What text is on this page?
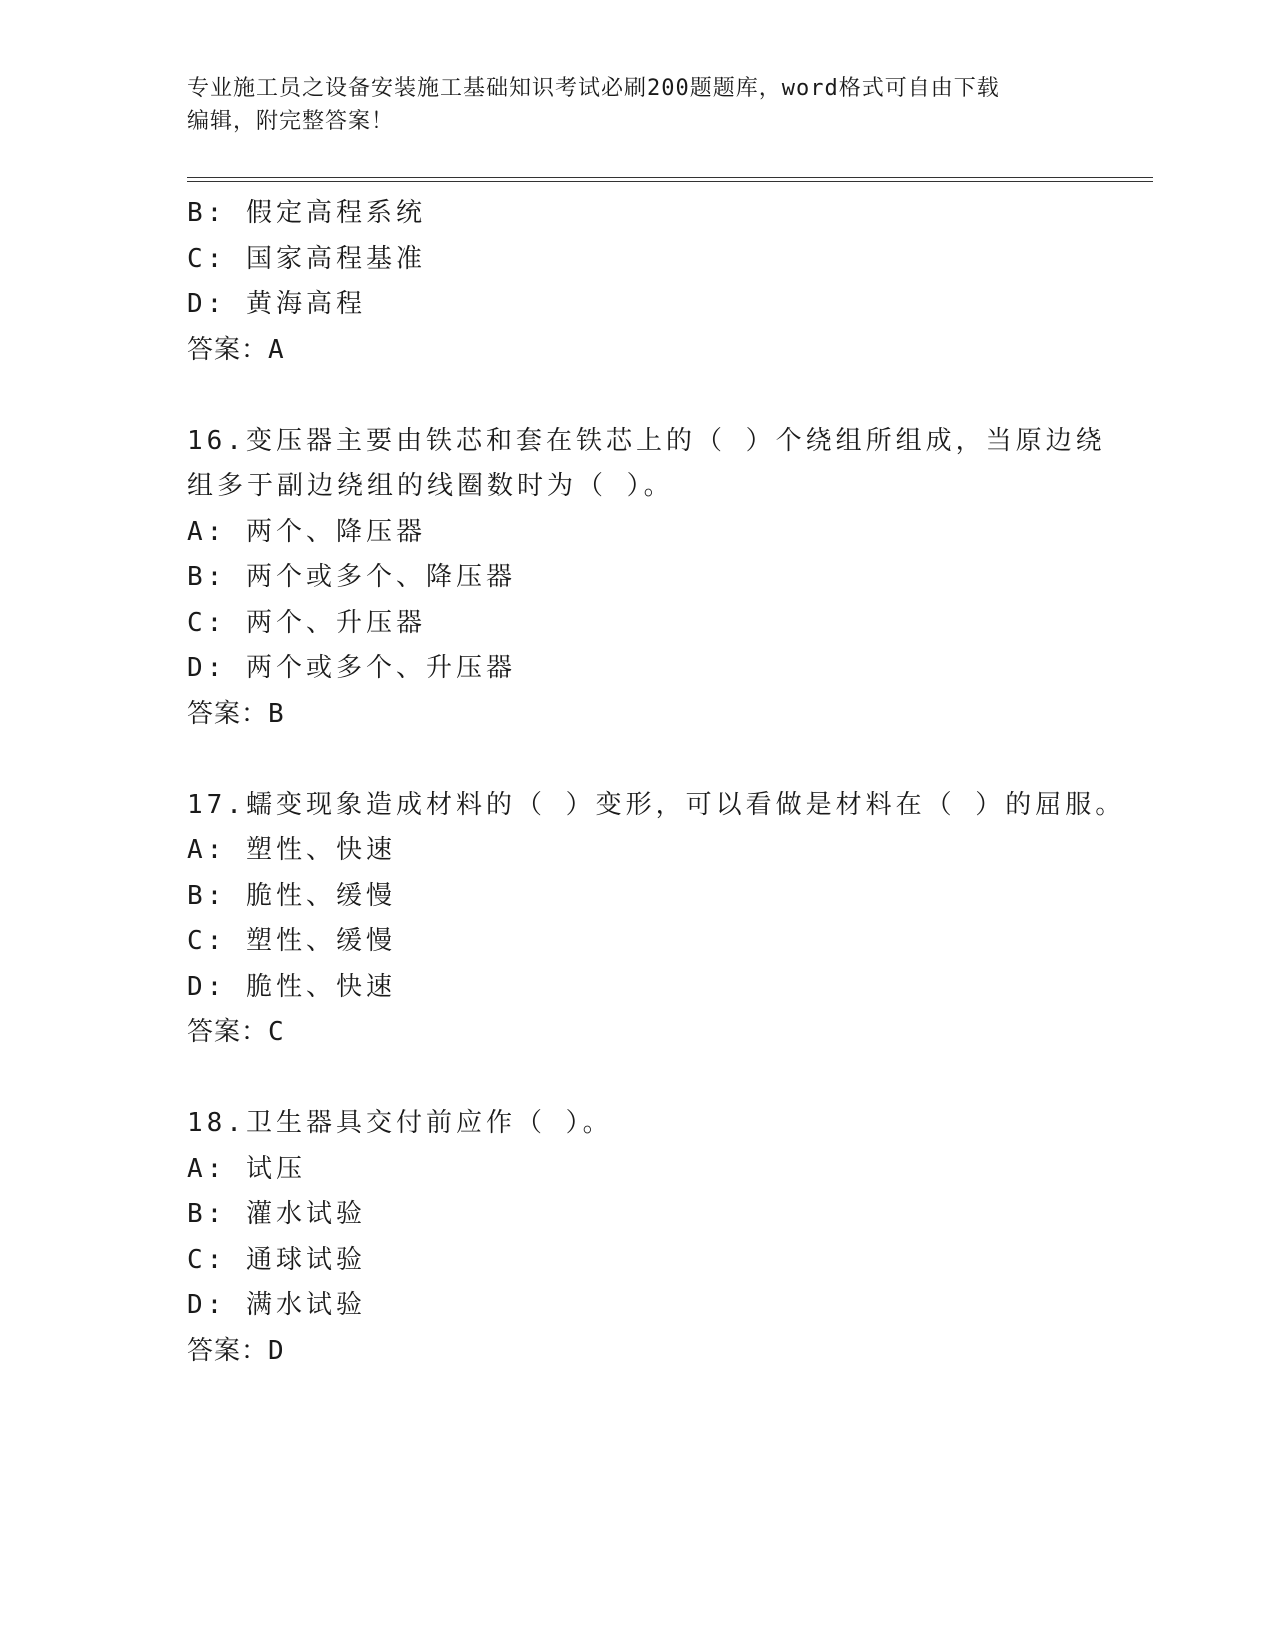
专业施工员之设备安装施工基础知识考试必刷200题题库，word格式可自由下载
编辑，附完整答案！
B: 假定高程系统
C: 国家高程基准
D: 黄海高程
答案：A
16.变压器主要由铁芯和套在铁芯上的（ ）个绕组所组成，当原边绕
组多于副边绕组的线圈数时为（ ）。
A: 两个、降压器
B: 两个或多个、降压器
C: 两个、升压器
D: 两个或多个、升压器
答案：B
17.蠕变现象造成材料的（ ）变形，可以看做是材料在（ ）的屈服。
A: 塑性、快速
B: 脆性、缓慢
C: 塑性、缓慢
D: 脆性、快速
答案：C
18.卫生器具交付前应作（ ）。
A: 试压
B: 灌水试验
C: 通球试验
D: 满水试验
答案：D
